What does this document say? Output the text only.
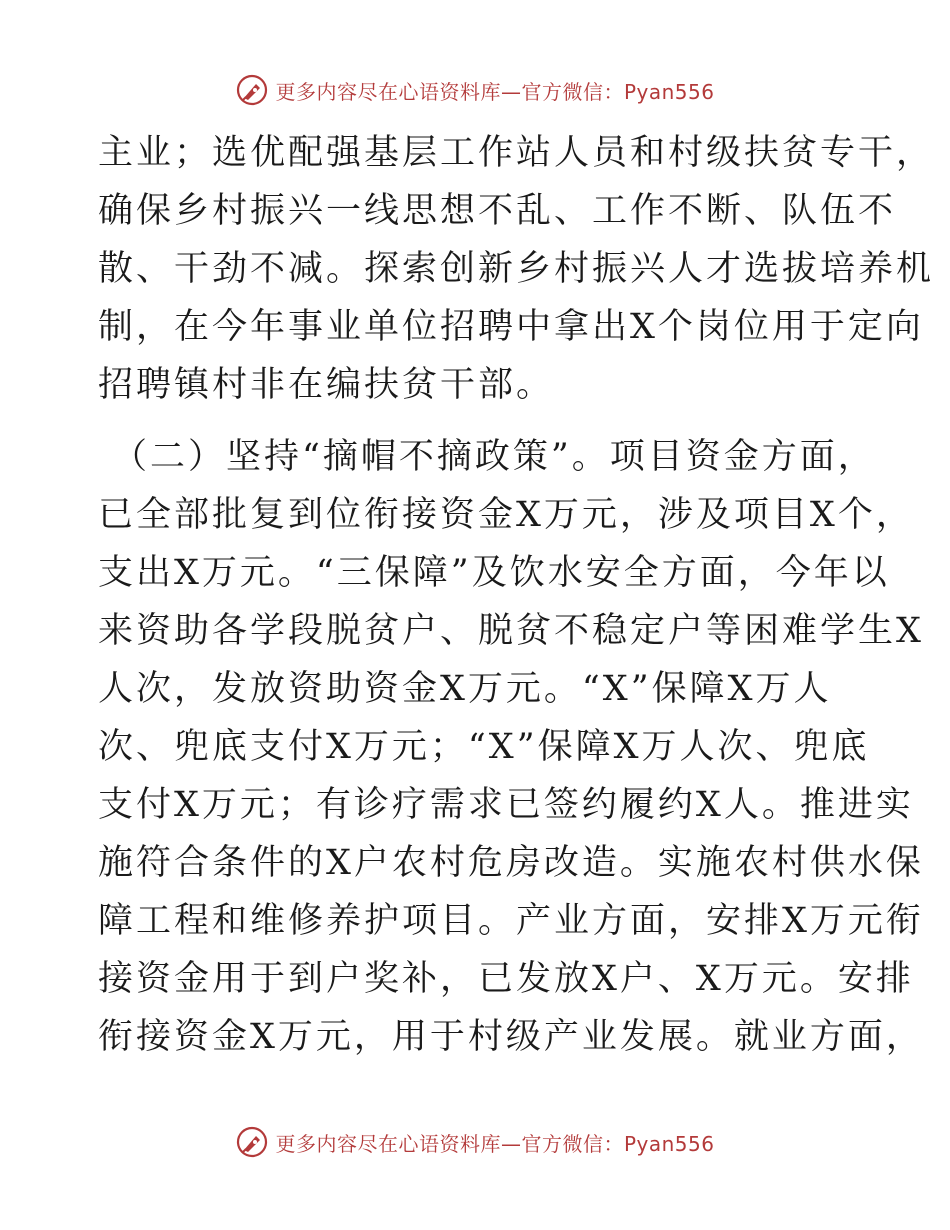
更多内容尽在心语资料库—官方微信：Pyan556
主业；选优配强基层工作站人员和村级扶贫专干，
确保乡村振兴一线思想不乱、工作不断、队伍不
散、干劲不减。探索创新乡村振兴人才选拔培养机
制，在今年事业单位招聘中拿出X个岗位用于定向
招聘镇村非在编扶贫干部。
（二）坚持“摘帽不摘政策”。项目资金方面，
已全部批复到位衔接资金X万元，涉及项目X个，
支出X万元。“三保障”及饮水安全方面，今年以
来资助各学段脱贫户、脱贫不稳定户等困难学生X
人次，发放资助资金X万元。“X”保障X万人
次、兜底支付X万元；“X”保障X万人次、兜底
支付X万元；有诊疗需求已签约履约X人。推进实
施符合条件的X户农村危房改造。实施农村供水保
障工程和维修养护项目。产业方面，安排X万元衔
接资金用于到户奖补，已发放X户、X万元。安排
衔接资金X万元，用于村级产业发展。就业方面，
更多内容尽在心语资料库—官方微信：Pyan556
